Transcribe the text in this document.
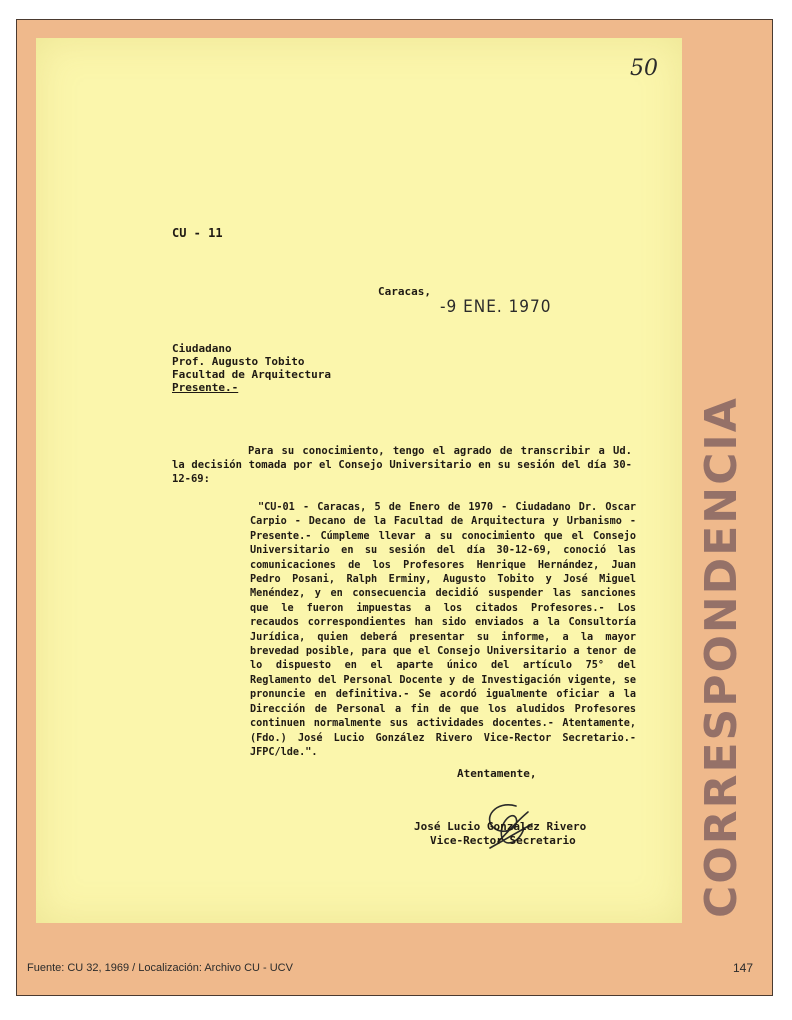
50
CU - 11
Caracas,
-9 ENE. 1970
Ciudadano
Prof. Augusto Tobito
Facultad de Arquitectura
Presente.-
Para su conocimiento, tengo el agrado de transcribir a Ud. la decisión tomada por el Consejo Universitario en su sesión del día 30-12-69:
"CU-01 - Caracas, 5 de Enero de 1970 - Ciudadano Dr. Oscar Carpio - Decano de la Facultad de Arquitectura y Urbanismo - Presente.- Cúmpleme llevar a su conocimiento que el Consejo Universitario en su sesión del día 30-12-69, conoció las comunicaciones de los Profesores Henrique Hernández, Juan Pedro Posani, Ralph Erminy, Augusto Tobito y José Miguel Menéndez, y en consecuencia decidió suspender las sanciones que le fueron impuestas a los citados Profesores.- Los recaudos correspondientes han sido enviados a la Consultoría Jurídica, quien deberá presentar su informe, a la mayor brevedad posible, para que el Consejo Universitario a tenor de lo dispuesto en el aparte único del artículo 75° del Reglamento del Personal Docente y de Investigación vigente, se pronuncie en definitiva.- Se acordó igualmente oficiar a la Dirección de Personal a fin de que los aludidos Profesores continuen normalmente sus actividades docentes.- Atentamente, (Fdo.) José Lucio González Rivero Vice-Rector Secretario.- JFPC/lde.".
Atentamente,
José Lucio González Rivero
Vice-Rector Secretario	CORRESPONDENCIA
Fuente: CU 32, 1969 / Localización: Archivo CU - UCV	147
